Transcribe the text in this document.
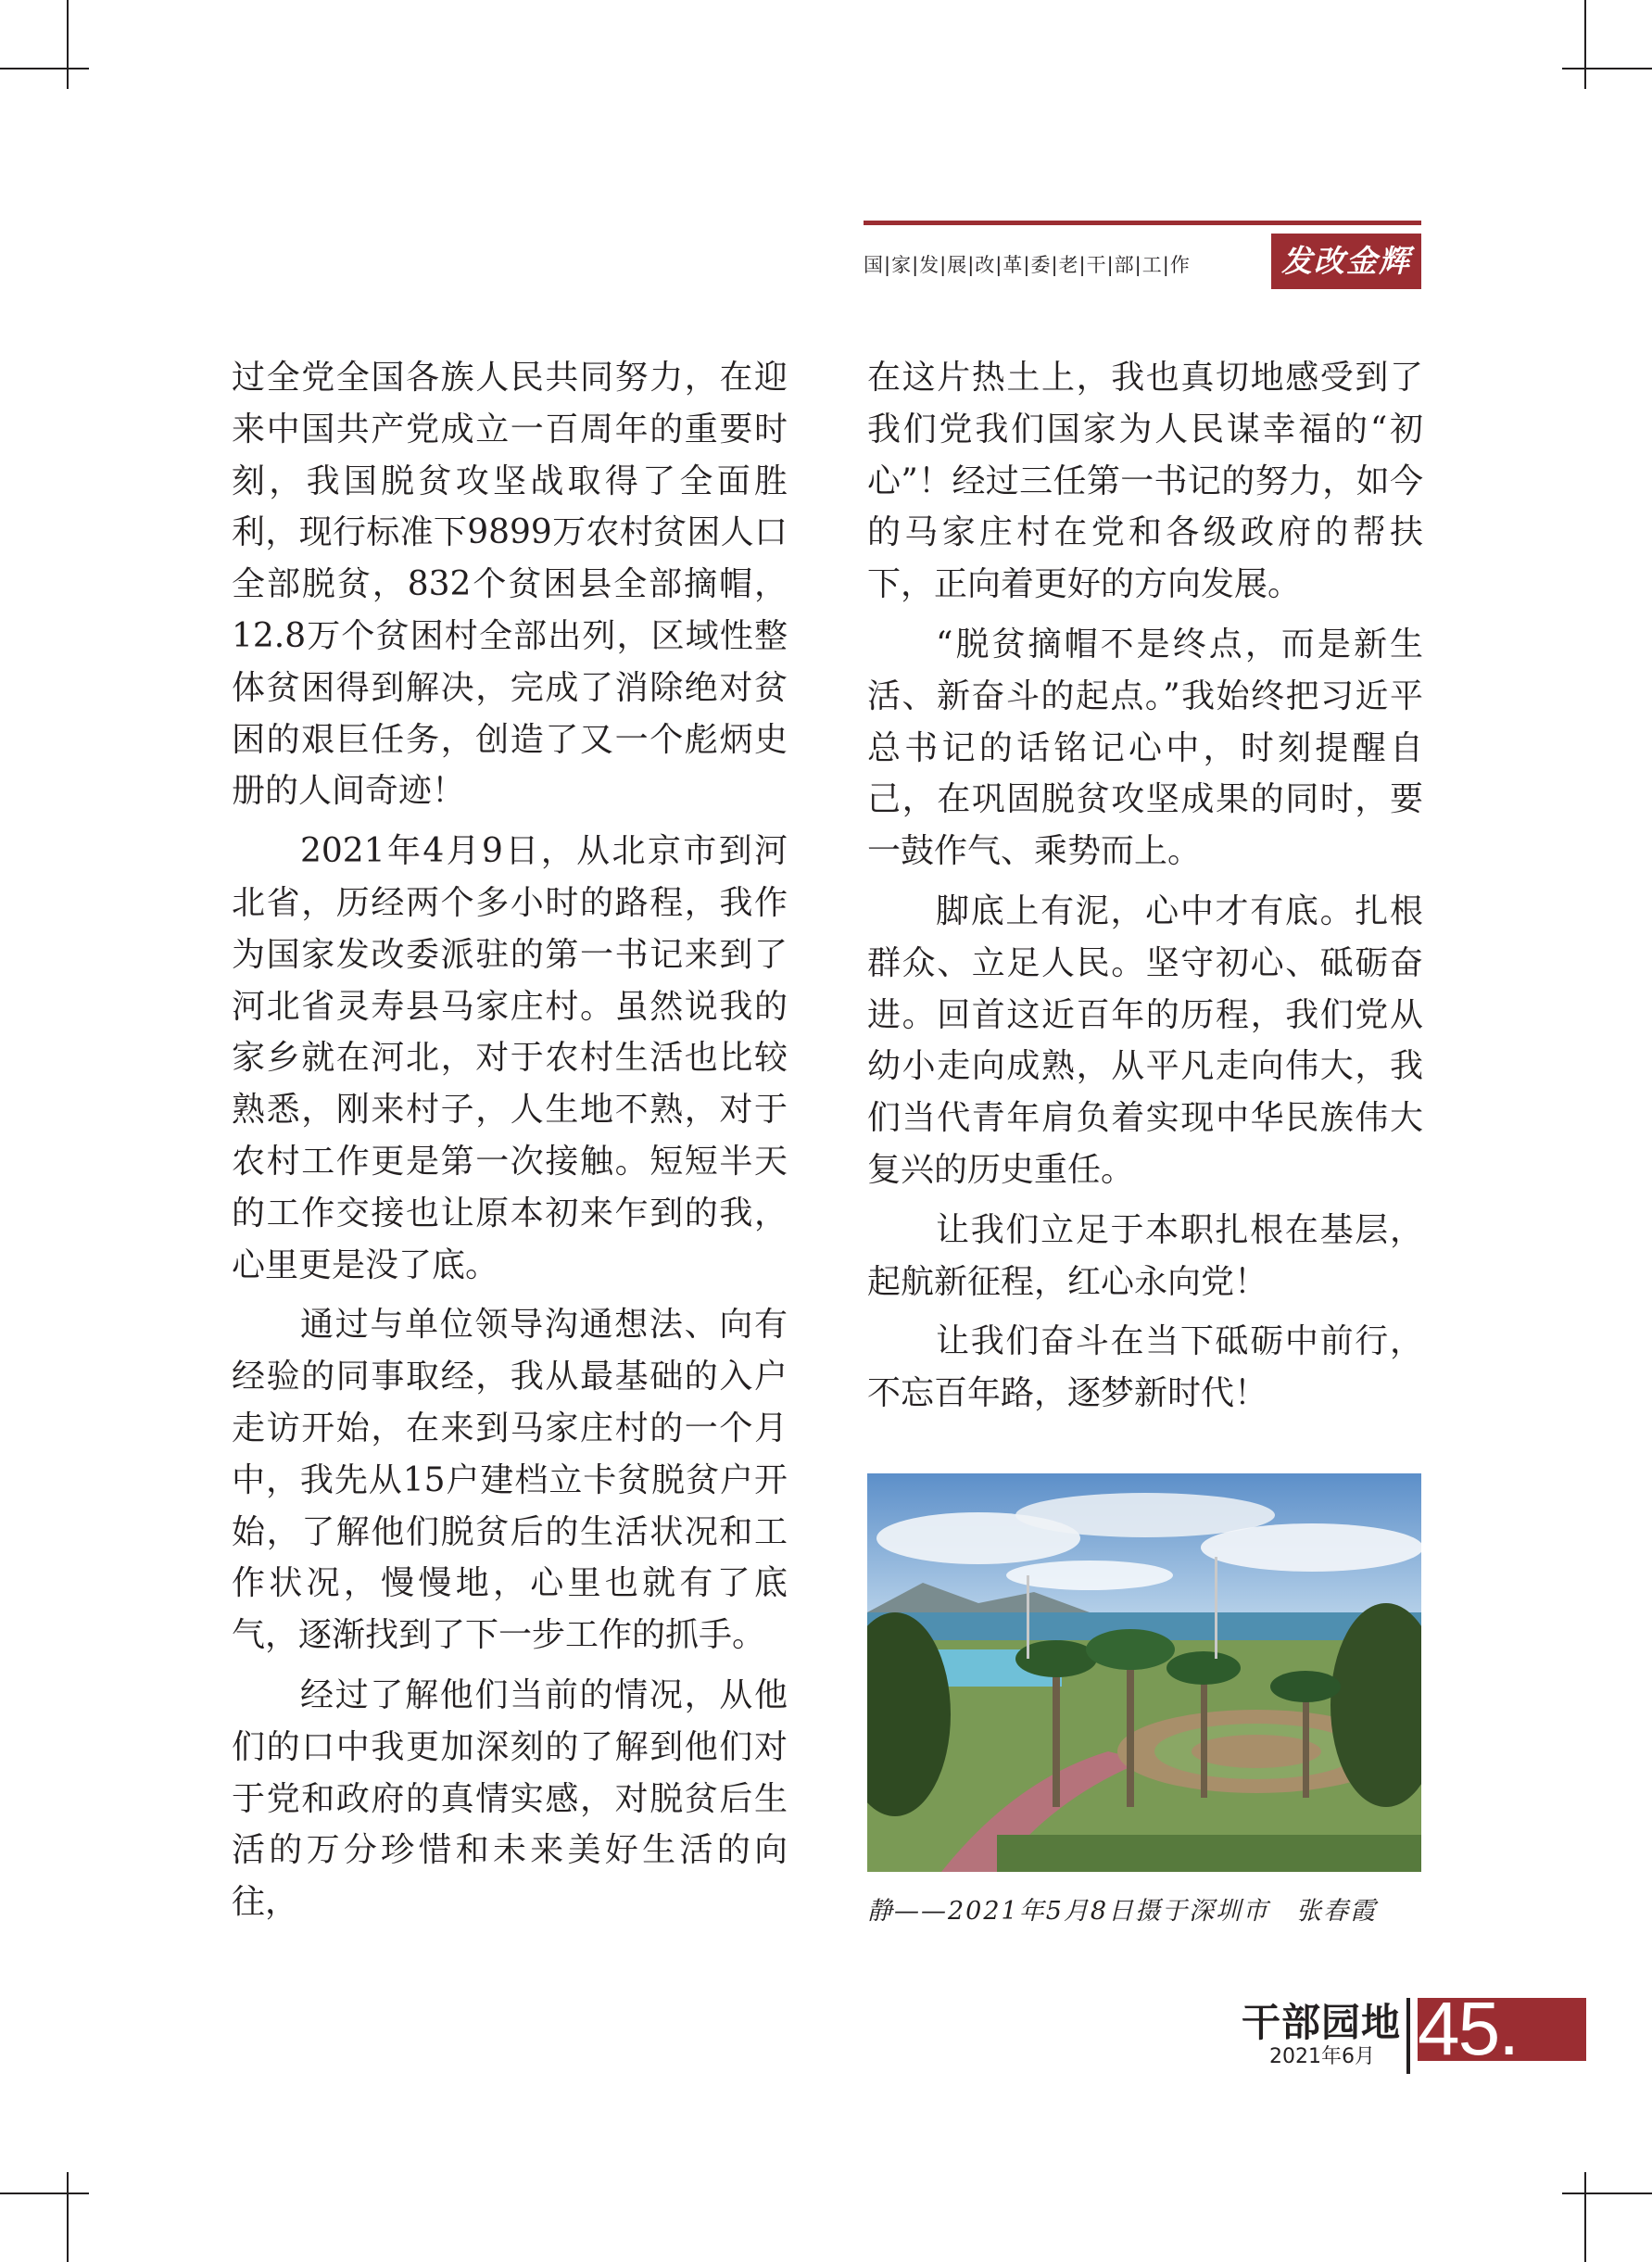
国|家|发|展|改|革|委|老|干|部|工|作	发改金辉

过全党全国各族人民共同努力，在迎来中国共产党成立一百周年的重要时刻，我国脱贫攻坚战取得了全面胜利，现行标准下9899万农村贫困人口全部脱贫，832个贫困县全部摘帽，12.8万个贫困村全部出列，区域性整体贫困得到解决，完成了消除绝对贫困的艰巨任务，创造了又一个彪炳史册的人间奇迹！

2021年4月9日，从北京市到河北省，历经两个多小时的路程，我作为国家发改委派驻的第一书记来到了河北省灵寿县马家庄村。虽然说我的家乡就在河北，对于农村生活也比较熟悉，刚来村子，人生地不熟，对于农村工作更是第一次接触。短短半天的工作交接也让原本初来乍到的我，心里更是没了底。

通过与单位领导沟通想法、向有经验的同事取经，我从最基础的入户走访开始，在来到马家庄村的一个月中，我先从15户建档立卡贫脱贫户开始，了解他们脱贫后的生活状况和工作状况，慢慢地，心里也就有了底气，逐渐找到了下一步工作的抓手。

经过了解他们当前的情况，从他们的口中我更加深刻的了解到他们对于党和政府的真情实感，对脱贫后生活的万分珍惜和未来美好生活的向往，

在这片热土上，我也真切地感受到了我们党我们国家为人民谋幸福的“初心”！经过三任第一书记的努力，如今的马家庄村在党和各级政府的帮扶下，正向着更好的方向发展。

“脱贫摘帽不是终点，而是新生活、新奋斗的起点。”我始终把习近平总书记的话铭记心中，时刻提醒自己，在巩固脱贫攻坚成果的同时，要一鼓作气、乘势而上。

脚底上有泥，心中才有底。扎根群众、立足人民。坚守初心、砥砺奋进。回首这近百年的历程，我们党从幼小走向成熟，从平凡走向伟大，我们当代青年肩负着实现中华民族伟大复兴的历史重任。

让我们立足于本职扎根在基层，起航新征程，红心永向党！

让我们奋斗在当下砥砺中前行，不忘百年路，逐梦新时代！

静——2021年5月8日摄于深圳市　张春霞
干部园地
2021年6月 45.
